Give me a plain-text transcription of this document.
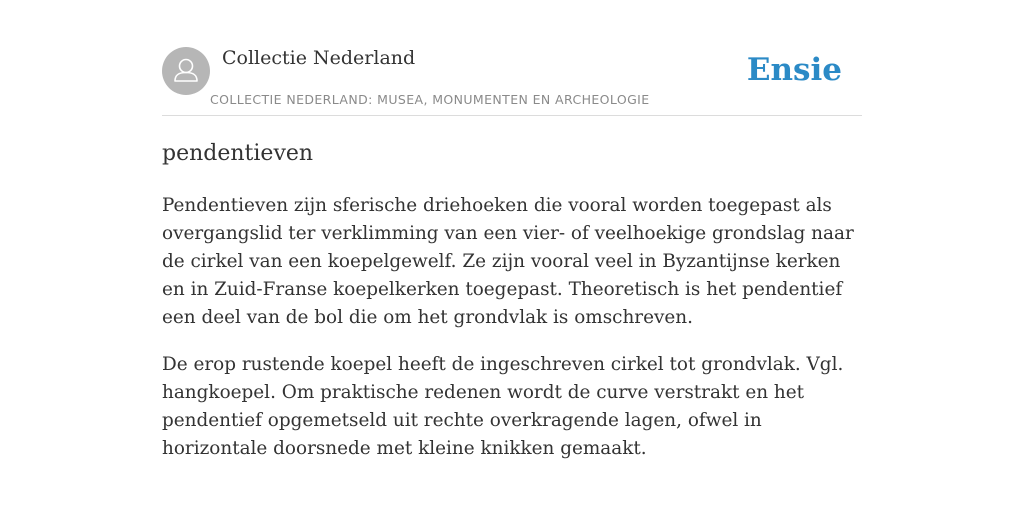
Collectie Nederland
COLLECTIE NEDERLAND: MUSEA, MONUMENTEN EN ARCHEOLOGIE
Ensie
pendentieven

Pendentieven zijn sferische driehoeken die vooral worden toegepast als overgangslid ter verklimming van een vier- of veelhoekige grondslag naar de cirkel van een koepelgewelf. Ze zijn vooral veel in Byzantijnse kerken en in Zuid-Franse koepelkerken toegepast. Theoretisch is het pendentief een deel van de bol die om het grondvlak is omschreven.

De erop rustende koepel heeft de ingeschreven cirkel tot grondvlak. Vgl. hangkoepel. Om praktische redenen wordt de curve verstrakt en het pendentief opgemetseld uit rechte overkragende lagen, ofwel in horizontale doorsnede met kleine knikken gemaakt.
